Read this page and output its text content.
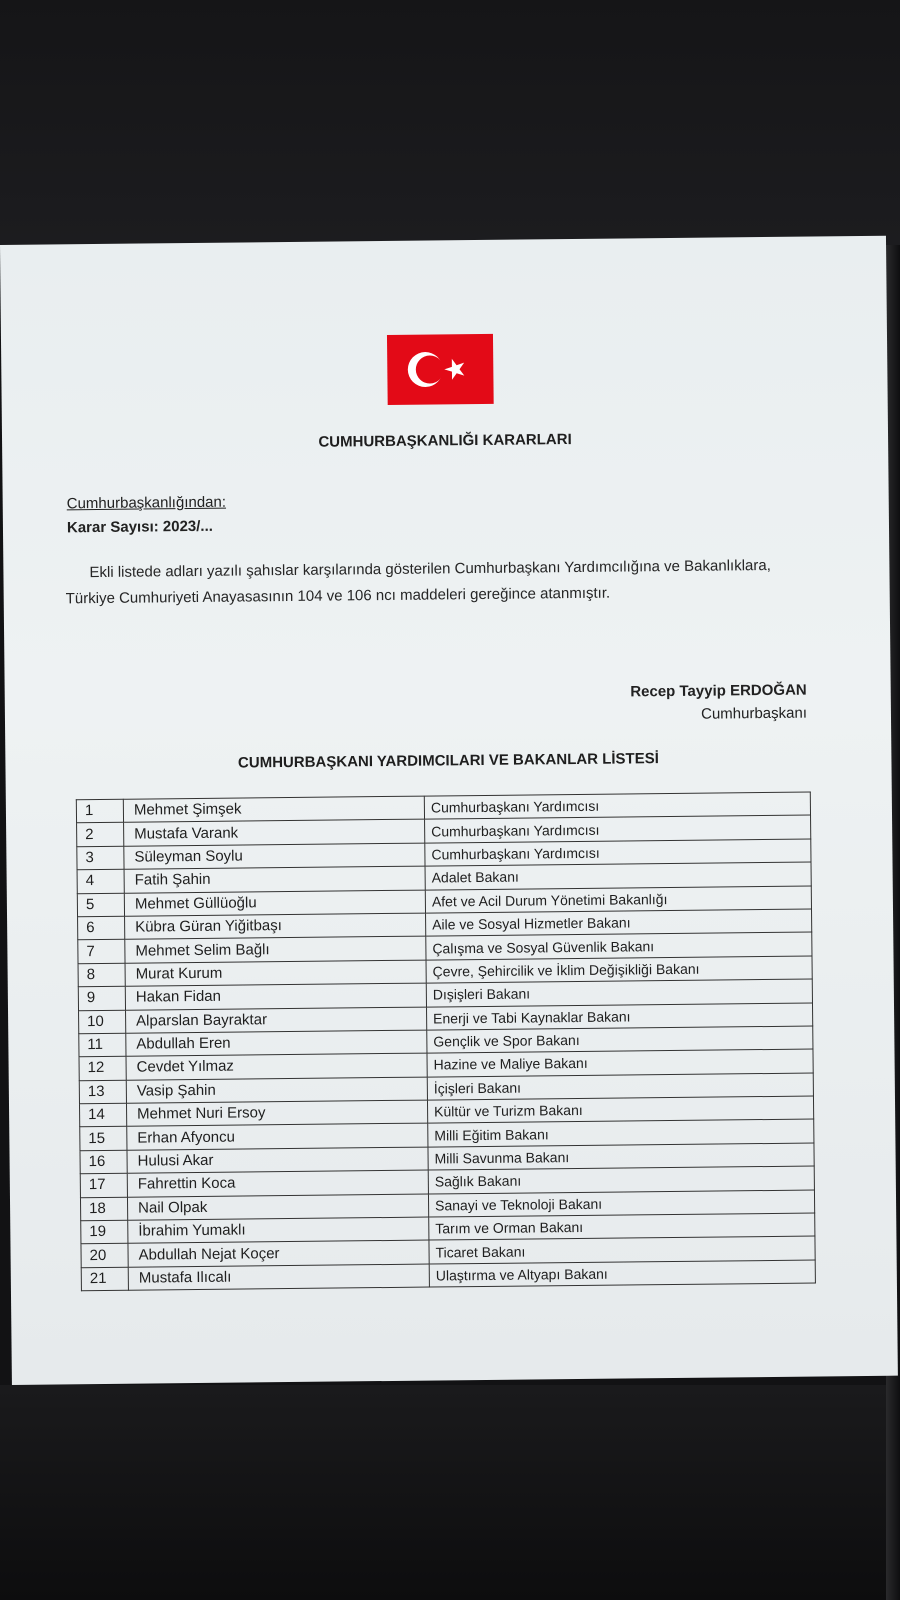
CUMHURBAŞKANLIĞI KARARLARI
Cumhurbaşkanlığından:
Karar Sayısı: 2023/...
Ekli listede adları yazılı şahıslar karşılarında gösterilen Cumhurbaşkanı Yardımcılığına ve Bakanlıklara, Türkiye Cumhuriyeti Anayasasının 104 ve 106 ncı maddeleri gereğince atanmıştır.
Recep Tayyip ERDOĞAN
Cumhurbaşkanı
CUMHURBAŞKANI YARDIMCILARI VE BAKANLAR LİSTESİ
1	Mehmet Şimşek	Cumhurbaşkanı Yardımcısı
2	Mustafa Varank	Cumhurbaşkanı Yardımcısı
3	Süleyman Soylu	Cumhurbaşkanı Yardımcısı
4	Fatih Şahin	Adalet Bakanı
5	Mehmet Güllüoğlu	Afet ve Acil Durum Yönetimi Bakanlığı
6	Kübra Güran Yiğitbaşı	Aile ve Sosyal Hizmetler Bakanı
7	Mehmet Selim Bağlı	Çalışma ve Sosyal Güvenlik Bakanı
8	Murat Kurum	Çevre, Şehircilik ve İklim Değişikliği Bakanı
9	Hakan Fidan	Dışişleri Bakanı
10	Alparslan Bayraktar	Enerji ve Tabi Kaynaklar Bakanı
11	Abdullah Eren	Gençlik ve Spor Bakanı
12	Cevdet Yılmaz	Hazine ve Maliye Bakanı
13	Vasip Şahin	İçişleri Bakanı
14	Mehmet Nuri Ersoy	Kültür ve Turizm Bakanı
15	Erhan Afyoncu	Milli Eğitim Bakanı
16	Hulusi Akar	Milli Savunma Bakanı
17	Fahrettin Koca	Sağlık Bakanı
18	Nail Olpak	Sanayi ve Teknoloji Bakanı
19	İbrahim Yumaklı	Tarım ve Orman Bakanı
20	Abdullah Nejat Koçer	Ticaret Bakanı
21	Mustafa Ilıcalı	Ulaştırma ve Altyapı Bakanı
